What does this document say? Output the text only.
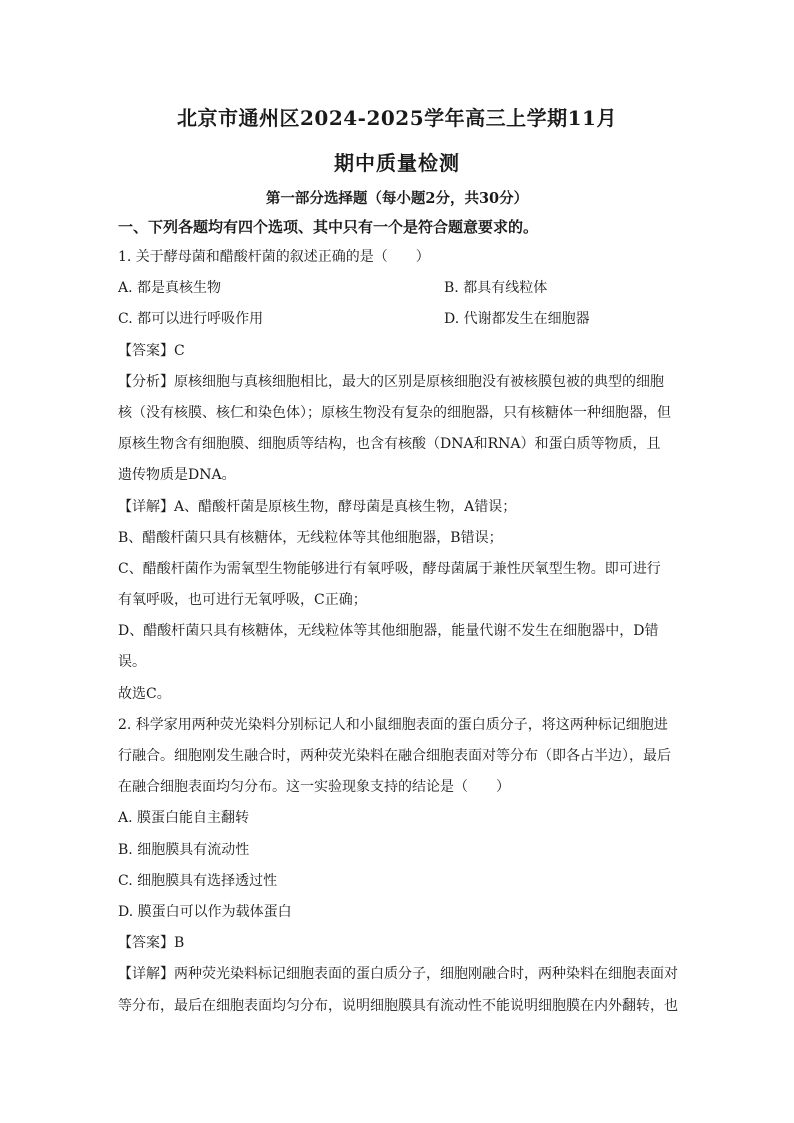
北京市通州区2024-2025学年高三上学期11月
期中质量检测
第一部分选择题（每小题2分，共30分）
一、下列各题均有四个选项、其中只有一个是符合题意要求的。
1. 关于酵母菌和醋酸杆菌的叙述正确的是（　　）
A. 都是真核生物	B. 都具有线粒体
C. 都可以进行呼吸作用	D. 代谢都发生在细胞器
【答案】C
【分析】原核细胞与真核细胞相比，最大的区别是原核细胞没有被核膜包被的典型的细胞
核（没有核膜、核仁和染色体）；原核生物没有复杂的细胞器，只有核糖体一种细胞器，但
原核生物含有细胞膜、细胞质等结构，也含有核酸（DNA和RNA）和蛋白质等物质，且
遗传物质是DNA。
【详解】A、醋酸杆菌是原核生物，酵母菌是真核生物，A错误；
B、醋酸杆菌只具有核糖体，无线粒体等其他细胞器，B错误；
C、醋酸杆菌作为需氧型生物能够进行有氧呼吸，酵母菌属于兼性厌氧型生物。即可进行
有氧呼吸，也可进行无氧呼吸，C正确；
D、醋酸杆菌只具有核糖体，无线粒体等其他细胞器，能量代谢不发生在细胞器中，D错
误。
故选C。
2. 科学家用两种荧光染料分别标记人和小鼠细胞表面的蛋白质分子，将这两种标记细胞进
行融合。细胞刚发生融合时，两种荧光染料在融合细胞表面对等分布（即各占半边），最后
在融合细胞表面均匀分布。这一实验现象支持的结论是（　　）
A. 膜蛋白能自主翻转
B. 细胞膜具有流动性
C. 细胞膜具有选择透过性
D. 膜蛋白可以作为载体蛋白
【答案】B
【详解】两种荧光染料标记细胞表面的蛋白质分子，细胞刚融合时，两种染料在细胞表面对
等分布，最后在细胞表面均匀分布，说明细胞膜具有流动性不能说明细胞膜在内外翻转，也
